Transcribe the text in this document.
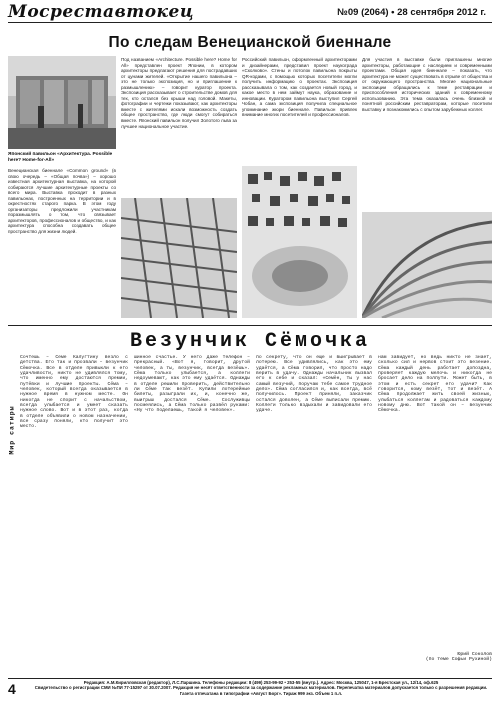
Мосреставтокец	№09 (2064) • 28 сентября 2012 г.
По следам Венецианской биеннале
Японский павильон «Архитектура. Possible here? Home-for-All»
Венецианская биеннале «Common ground» (в свою очередь – «Общая почва») – хорошо известная архитектурная выставка, на которой собираются лучшие архитектурные проекты со всего мира. Выставка проходит в разных павильонах, построенных на территории и в окрестностях старого парка. В этом году организаторы предложили участникам поразмышлять о том, что связывает архитекторов, профессионалов и общество, и как архитектура способна создавать общее пространство для жизни людей.
Под названием «Architecture. Possible here? Home for All» представлен проект Японии, в котором архитекторы предлагают решения для пострадавших от цунами жителей. «Открытие нашего павильона – это не только экспозиция, но и приглашение к размышлению» – говорит куратор проекта. Экспозиция рассказывает о строительстве домов для тех, кто остался без крыши над головой. Макеты, фотографии и чертежи показывают, как архитекторы вместе с жителями искали возможность создать общее пространство, где люди смогут собираться вместе. Японский павильон получил Золотого льва за лучшее национальное участие.
Российский павильон, оформленный архитекторами и дизайнерами, представил проект наукограда «Сколково». Стены и потолок павильона покрыты QR-кодами, с помощью которых посетители могли получить информацию о проектах. Экспозиция рассказывала о том, как создается новый город, и какое место в нем займут наука, образование и инновации. Куратором павильона выступил Сергей Чобан, а сама экспозиция получила специальное упоминание жюри биеннале. Павильон привлек внимание многих посетителей и профессионалов.
Для участия в выставке были приглашены многие архитекторы, работающие с наследием и современными проектами. Общая идея биеннале – показать, что архитектура не может существовать в отрыве от общества и от окружающего пространства. Многие национальные экспозиции обращались к теме реставрации и приспособления исторических зданий к современному использованию. Эта тема оказалась очень близкой и понятной российским реставраторам, которые посетили выставку и познакомились с опытом зарубежных коллег.
Везунчик Сёмочка
Мир сатиры
Сочтёшь – Сёме Калугтину везло с детства. Его так и прозвали – везунчик Сёмочка. Все в отделе привыкли к его удачливости, никто не удивлялся тому, что именно ему достаются премии, путёвки и лучшие проекты. Сёма – человек, который всегда оказывается в нужное время в нужном месте. Он никогда не спорит с начальством, всегда улыбается и умеет сказать нужное слово. Вот и в этот раз, когда в отделе объявили о новом назначении, все сразу поняли, кто получит это место.
шинное счастье. У него даже телефон – прекрасный. «Вот я, говорит, другой человек, а ты, везунчик, всегда везёшь». Сёма только улыбается, а коллеги недоумевают, как это ему удаётся. Однажды в отделе решили проверить, действительно ли Сёме так везёт. Купили лотерейные билеты, разыграли их, и, конечно же, выигрыш достался Сёме. Сослуживцы посмеялись, а Сёма только развёл руками: «Ну что поделаешь, такой я человек».
по секрету, что он еще и выигрывает в лотерею. Все удивлялись, как это ему удаётся, а Сёма говорил, что просто надо верить в удачу. Однажды начальник вызвал его к себе и сказал: «Семён, ты у нас самый везучий, поручаю тебе самое трудное дело». Сёма согласился и, как всегда, всё получилось. Проект приняли, заказчик остался доволен, а Сёме выписали премию. Коллеги только вздыхали и завидовали его удаче.
нам завидует, но ведь никто не знает, сколько сил и нервов стоит это везение. Сёма каждый день работает допоздна, проверяет каждую мелочь и никогда не бросает дело на полпути. Может быть, в этом и есть секрет его удачи? Как говорится, кому везёт, тот и везёт. А Сёма продолжает жить своей жизнью, улыбаться коллегам и радоваться каждому новому дню. Вот такой он – везунчик Сёмочка.
Юрий Соколов
(по теме Софьи Рухиной)
4	Редакция: А.М.Кирилловская (редактор), Л.С.Паршина. Телефоны редакции: 8 (499) 253-99-92 • 253-55 (внутр.). Адрес: Москва, 125047, 1-я Брестская ул., 12/14, оф.625
Свидетельство о регистрации СМИ №ПИ 77-15297 от 30.07.2007. Редакция не несёт ответственности за содержание рекламных материалов. Перепечатка материалов допускается только с разрешения редакции.
Газета отпечатана в типографии «Август Борг». Тираж 999 экз. Объем 1 п.л.
